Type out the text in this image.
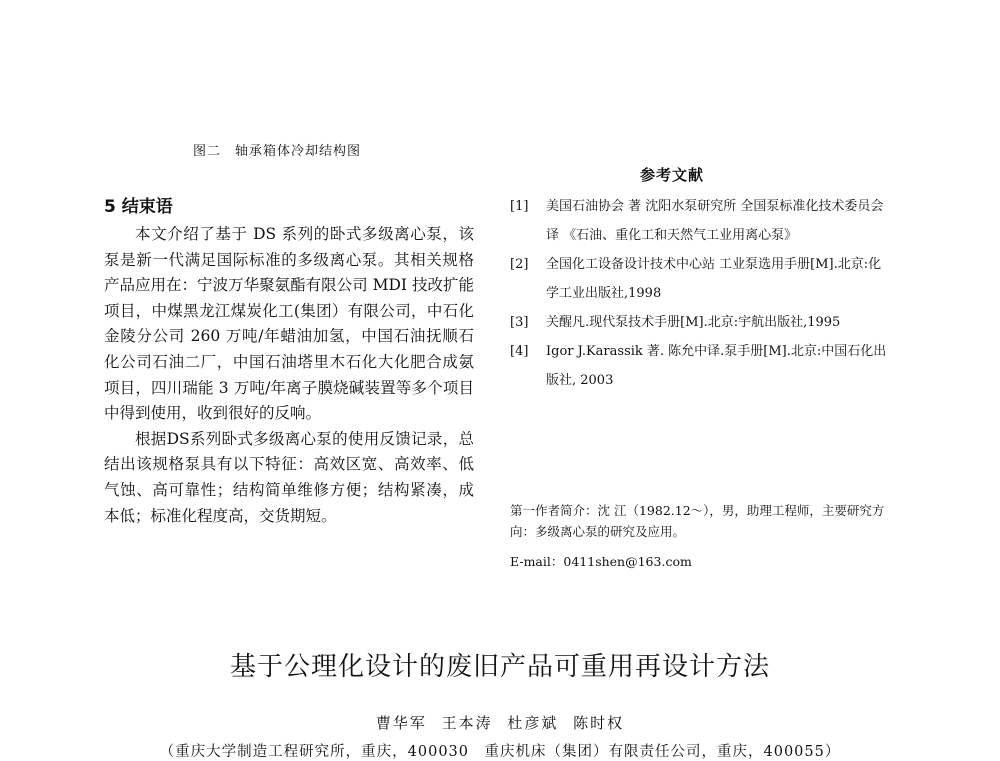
图二　轴承箱体冷却结构图
5 结束语

本文介绍了基于 DS 系列的卧式多级离心泵，该泵是新一代满足国际标准的多级离心泵。其相关规格产品应用在：宁波万华聚氨酯有限公司 MDI 技改扩能项目，中煤黑龙江煤炭化工(集团）有限公司，中石化金陵分公司 260 万吨/年蜡油加氢，中国石油抚顺石化公司石油二厂，中国石油塔里木石化大化肥合成氨项目，四川瑞能 3 万吨/年离子膜烧碱装置等多个项目中得到使用，收到很好的反响。

根据DS系列卧式多级离心泵的使用反馈记录，总结出该规格泵具有以下特征：高效区宽、高效率、低气蚀、高可靠性；结构简单维修方便；结构紧凑，成本低；标准化程度高，交货期短。

参考文献
[1]	美国石油协会 著 沈阳水泵研究所 全国泵标准化技术委员会 译 《石油、重化工和天然气工业用离心泵》
[2]	全国化工设备设计技术中心站 工业泵选用手册[M].北京:化学工业出版社,1998
[3]	关醒凡.现代泵技术手册[M].北京:宇航出版社,1995
[4]	Igor J.Karassik 著. 陈允中译.泵手册[M].北京:中国石化出版社, 2003
第一作者简介：沈 江（1982.12～），男，助理工程师，主要研究方向：多级离心泵的研究及应用。
E-mail：0411shen@163.com
基于公理化设计的废旧产品可重用再设计方法
曹华军 王本涛 杜彦斌 陈时权
（重庆大学制造工程研究所，重庆，400030　重庆机床（集团）有限责任公司，重庆，400055）
